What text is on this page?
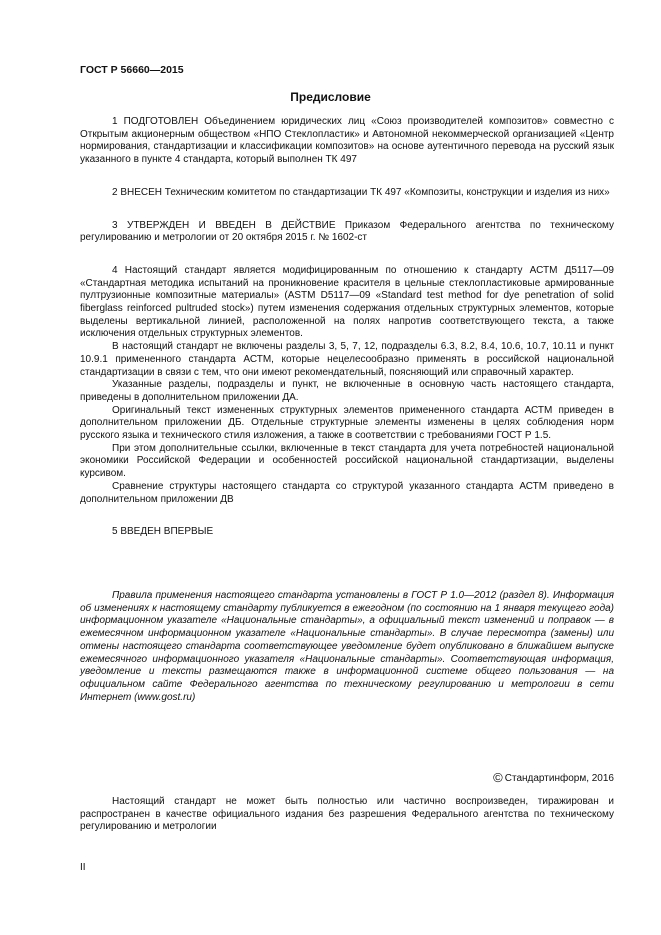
ГОСТ Р 56660—2015
Предисловие

1 ПОДГОТОВЛЕН Объединением юридических лиц «Союз производителей композитов» совместно с Открытым акционерным обществом «НПО Стеклопластик» и Автономной некоммерческой организацией «Центр нормирования, стандартизации и классификации композитов» на основе аутентичного перевода на русский язык указанного в пункте 4 стандарта, который выполнен ТК 497

2 ВНЕСЕН Техническим комитетом по стандартизации ТК 497 «Композиты, конструкции и изделия из них»

3 УТВЕРЖДЕН И ВВЕДЕН В ДЕЙСТВИЕ Приказом Федерального агентства по техническому регулированию и метрологии от 20 октября 2015 г. № 1602-ст

4 Настоящий стандарт является модифицированным по отношению к стандарту АСТМ Д5117—09 «Стандартная методика испытаний на проникновение красителя в цельные стеклопластиковые армированные пултрузионные композитные материалы» (ASTM D5117—09 «Standard test method for dye penetration of solid fiberglass reinforced pultruded stock») путем изменения содержания отдельных структурных элементов, которые выделены вертикальной линией, расположенной на полях напротив соответствующего текста, а также исключения отдельных структурных элементов.

В настоящий стандарт не включены разделы 3, 5, 7, 12, подразделы 6.3, 8.2, 8.4, 10.6, 10.7, 10.11 и пункт 10.9.1 примененного стандарта АСТМ, которые нецелесообразно применять в российской национальной стандартизации в связи с тем, что они имеют рекомендательный, поясняющий или справочный характер.

Указанные разделы, подразделы и пункт, не включенные в основную часть настоящего стандарта, приведены в дополнительном приложении ДА.

Оригинальный текст измененных структурных элементов примененного стандарта АСТМ приведен в дополнительном приложении ДБ. Отдельные структурные элементы изменены в целях соблюдения норм русского языка и технического стиля изложения, а также в соответствии с требованиями ГОСТ Р 1.5.

При этом дополнительные ссылки, включенные в текст стандарта для учета потребностей национальной экономики Российской Федерации и особенностей российской национальной стандартизации, выделены курсивом.

Сравнение структуры настоящего стандарта со структурой указанного стандарта АСТМ приведено в дополнительном приложении ДВ

5 ВВЕДЕН ВПЕРВЫЕ

Правила применения настоящего стандарта установлены в ГОСТ Р 1.0—2012 (раздел 8). Информация об изменениях к настоящему стандарту публикуется в ежегодном (по состоянию на 1 января текущего года) информационном указателе «Национальные стандарты», а официальный текст изменений и поправок — в ежемесячном информационном указателе «Национальные стандарты». В случае пересмотра (замены) или отмены настоящего стандарта соответствующее уведомление будет опубликовано в ближайшем выпуске ежемесячного информационного указателя «Национальные стандарты». Соответствующая информация, уведомление и тексты размещаются также в информационной системе общего пользования — на официальном сайте Федерального агентства по техническому регулированию и метрологии в сети Интернет (www.gost.ru)

© Стандартинформ, 2016

Настоящий стандарт не может быть полностью или частично воспроизведен, тиражирован и распространен в качестве официального издания без разрешения Федерального агентства по техническому регулированию и метрологии

II
